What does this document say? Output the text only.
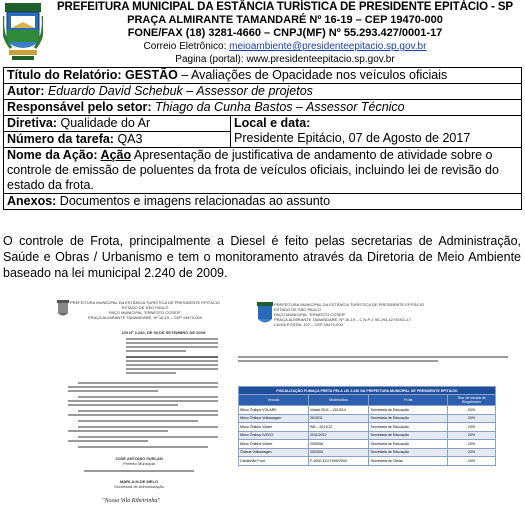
PREFEITURA MUNICIPAL DA ESTÂNCIA TURÍSTICA DE PRESIDENTE EPITÁCIO - SP
PRAÇA ALMIRANTE TAMANDARÉ Nº 16-19 – CEP 19470-000
FONE/FAX (18) 3281-4660 – CNPJ(MF) Nº 55.293.427/0001-17
Correio Eletrônico: meioambiente@presidenteepitacio.sp.gov.br
Pagina (portal): www.presidenteepitacio.sp.gov.br
Título do Relatório: GESTÃO – Avaliações de Opacidade nos veículos oficiais
Autor: Eduardo David Schebuk – Assessor de projetos
Responsável pelo setor: Thiago da Cunha Bastos – Assessor Técnico
Diretiva: Qualidade do Ar	Local e data:
Presidente Epitácio, 07 de Agosto de 2017

Número da tarefa: QA3
Nome da Ação: Ação Apresentação de justificativa de andamento de atividade sobre o controle de emissão de poluentes da frota de veículos oficiais, incluindo lei de revisão do estado da frota.
Anexos: Documentos e imagens relacionadas ao assunto
O controle de Frota, principalmente a Diesel é feito pelas secretarias de Administração, Saúde e Obras / Urbanismo e tem o monitoramento através da Diretoria de Meio Ambiente baseado na lei municipal 2.240 de 2009.
PREFEITURA MUNICIPAL DA ESTÂNCIA TURÍSTICA DE PRESIDENTE EPITÁCIO
ESTADO DE SÃO PAULO
PAÇO MUNICIPAL "ERNESTO COSER"
PRAÇA ALMIRANTE TAMANDARÉ, Nº 16-19 – CEP 19470-000
LEI Nº 2.240, DE 09 DE SETEMBRO DE 2009.
JOSÉ ANTONIO FURLAN
Prefeito Municipal
MARLA M DE MELO
Secretária de Administração
"Nossa Vila Ribeirinha"
PREFEITURA MUNICIPAL DA ESTÂNCIA TURÍSTICA DE PRESIDENTE EPITÁCIO
ESTADO DE SÃO PAULO
PAÇO MUNICIPAL "ERNESTO COSER"
PRAÇA ALMIRANTE TAMANDARÉ, Nº 16-19 – C.N.P.J. 55.293.427/0001-17
CAIXA POSTAL 107 – CEP 19470-000
FISCALIZAÇÃO FUMAÇA PRETA PELA LEI 2.240 NA PREFEITURA MUNICIPAL DE PRESIDENTE EPITÁCIO			
Veículo	Modelo/Ano	Frota	Teor de escala de Ringelmann
Micro Ônibus VOLARE	Volare 2011 – 2013/14	Secretaria de Educação	20%
Micro Ônibus Volkswagen	2010/11	Secretaria de Educação	20%
Micro Ônibus Volare	W8 – 2011/12	Secretaria de Educação	20%
Micro Ônibus IVECO	2011/2012	Secretaria de Educação	20%
Micro Ônibus Volare	2005/06	Secretaria de Educação	20%
Ônibus Volkswagen	2003/04	Secretaria de Educação	20%
Caminhão Ford	F-4000 4X4 1999/2000	Secretaria de Obras	20%
